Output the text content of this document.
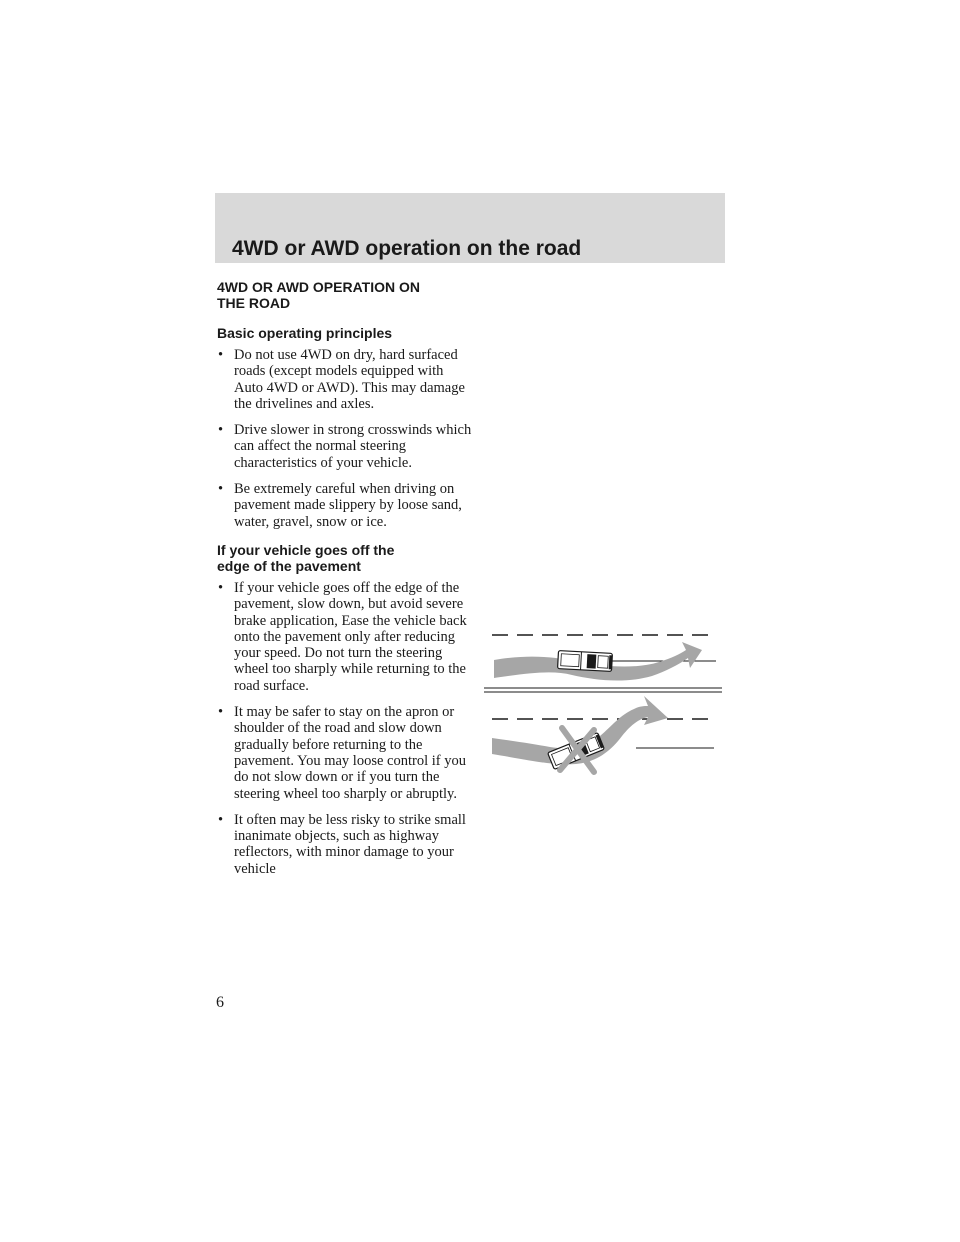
4WD or AWD operation on the road
4WD OR AWD OPERATION ON
THE ROAD
Basic operating principles
• Do not use 4WD on dry, hard surfaced roads (except models equipped with Auto 4WD or AWD). This may damage the drivelines and axles.
• Drive slower in strong crosswinds which can affect the normal steering characteristics of your vehicle.
• Be extremely careful when driving on pavement made slippery by loose sand, water, gravel, snow or ice.
If your vehicle goes off the
edge of the pavement
• If your vehicle goes off the edge of the pavement, slow down, but avoid severe brake application, Ease the vehicle back onto the pavement only after reducing your speed. Do not turn the steering wheel too sharply while returning to the road surface.
• It may be safer to stay on the apron or shoulder of the road and slow down gradually before returning to the pavement. You may loose control if you do not slow down or if you turn the steering wheel too sharply or abruptly.
• It often may be less risky to strike small inanimate objects, such as highway reflectors, with minor damage to your vehicle
6
